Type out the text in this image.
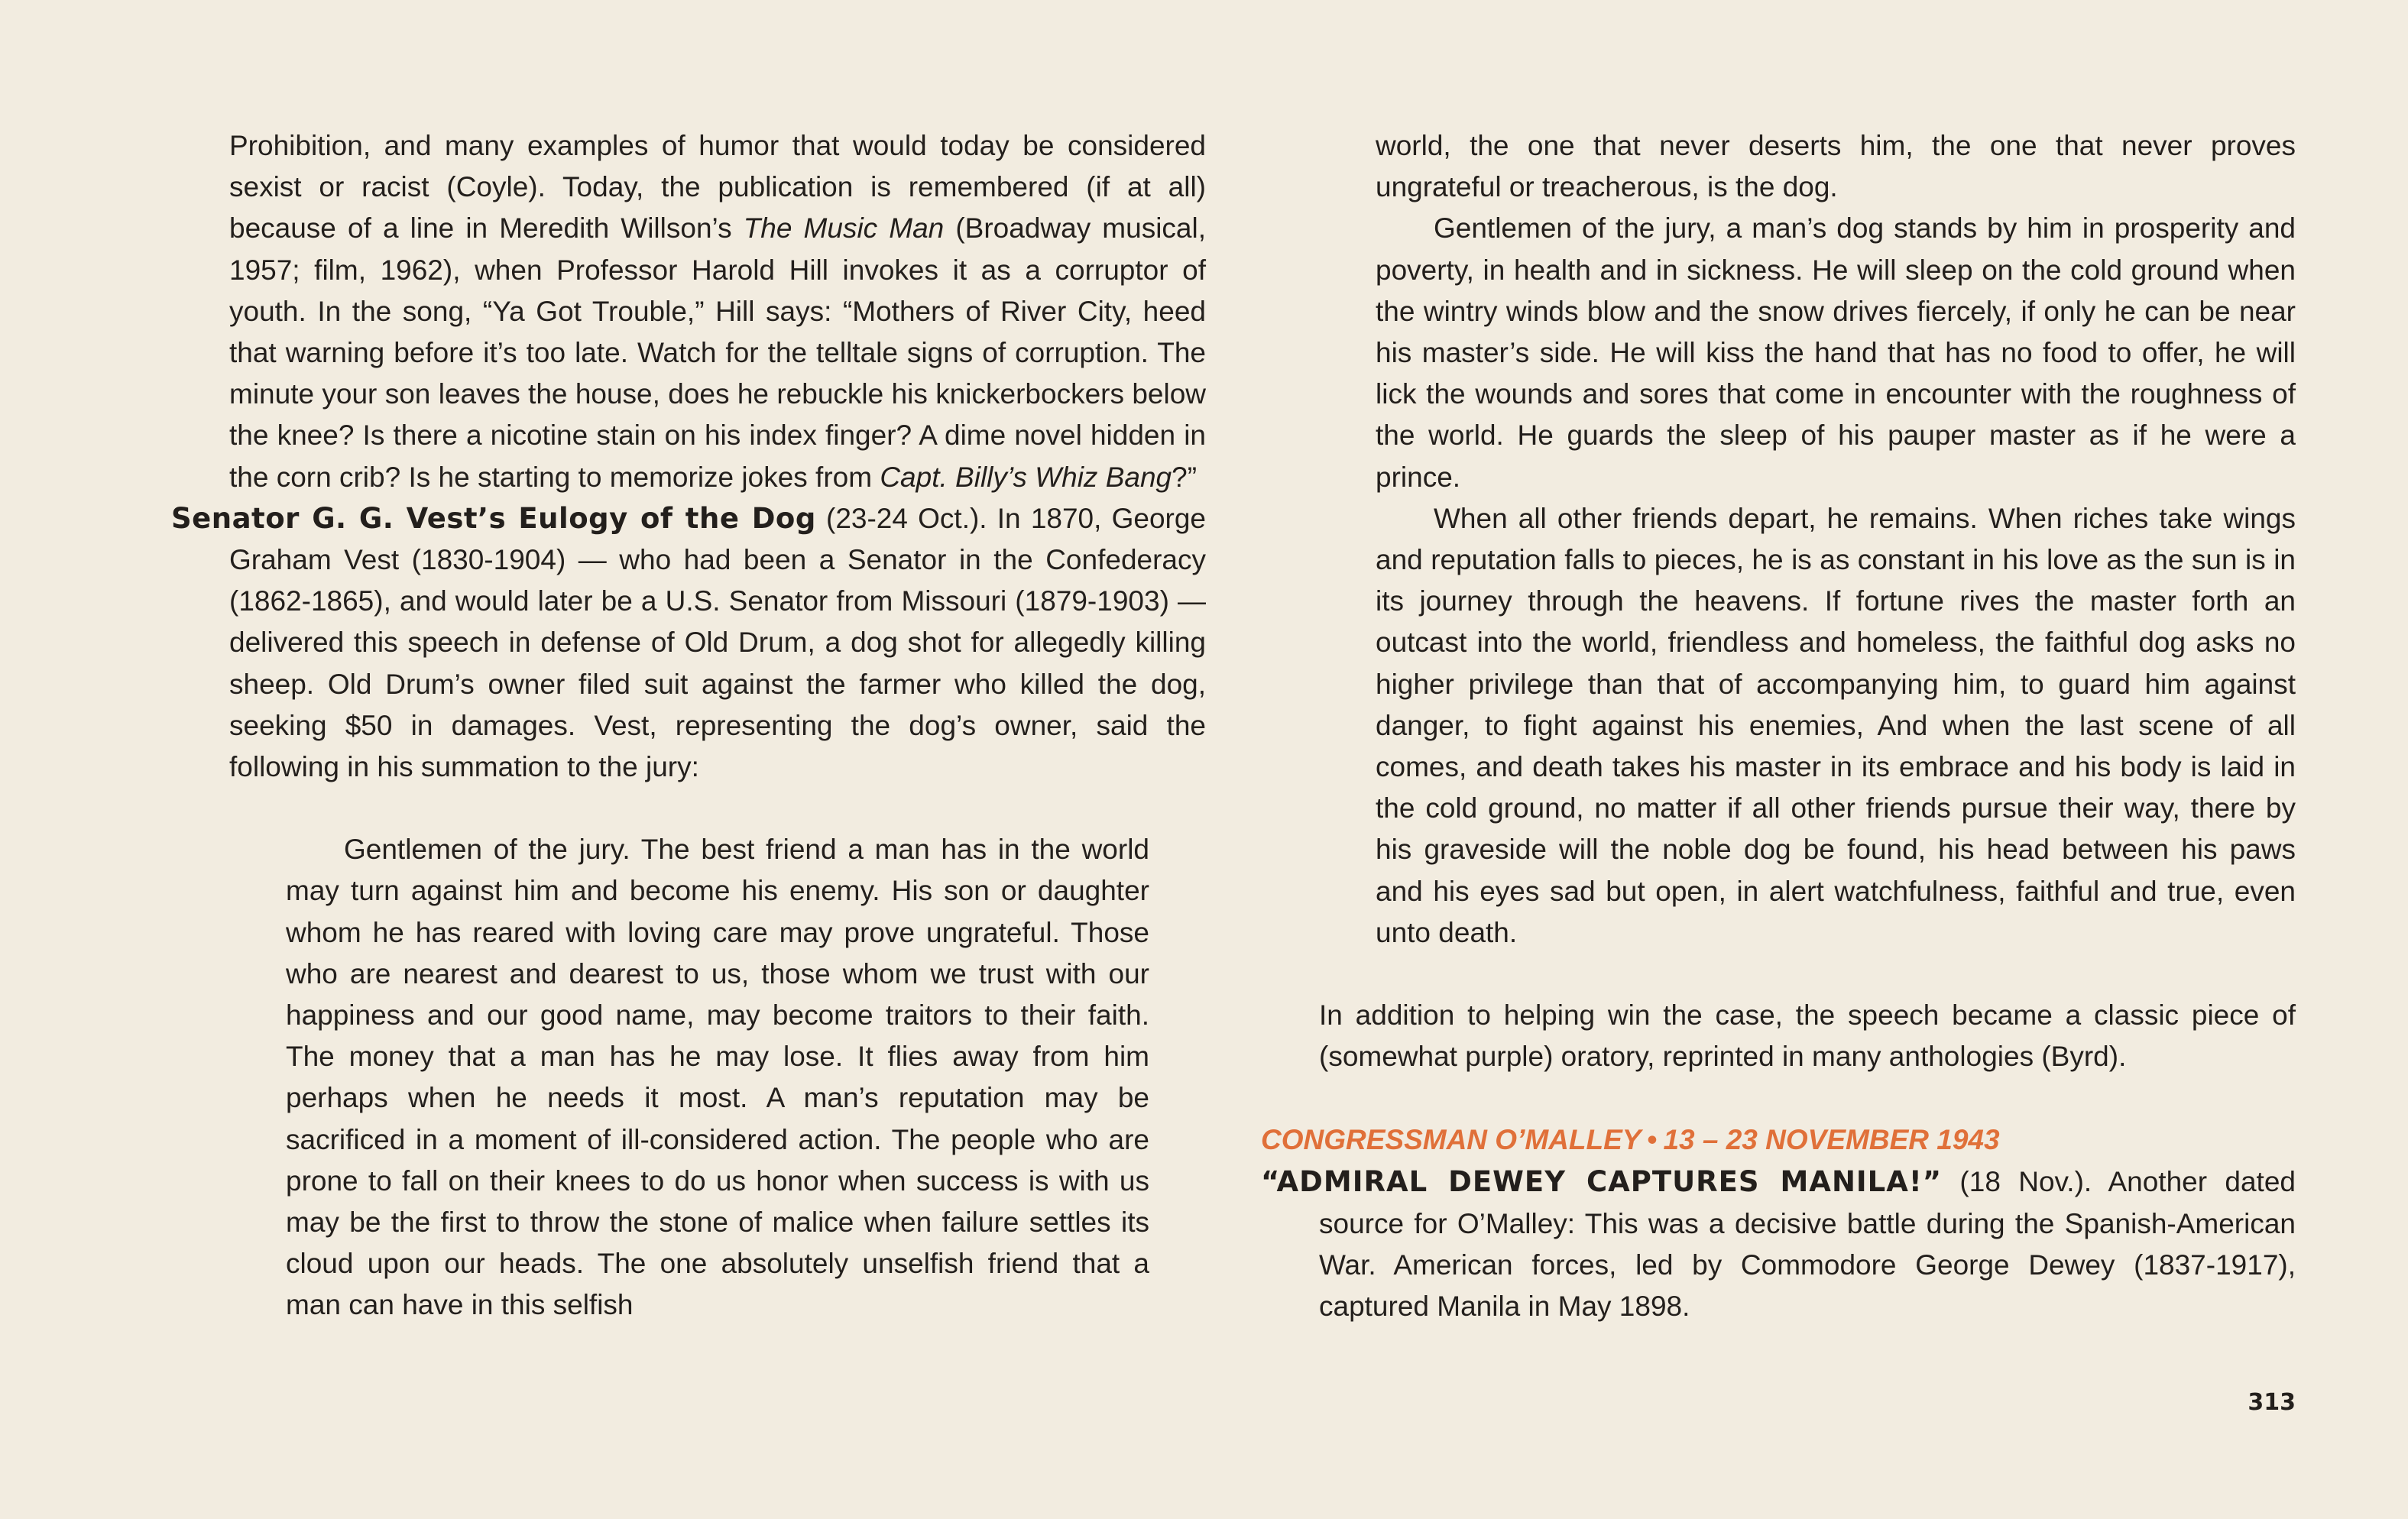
Prohibition, and many examples of humor that would today be considered sexist or racist (Coyle). Today, the publication is remembered (if at all) because of a line in Meredith Willson’s The Music Man (Broadway musical, 1957; film, 1962), when Professor Harold Hill invokes it as a corruptor of youth. In the song, “Ya Got Trouble,” Hill says: “Mothers of River City, heed that warning before it’s too late. Watch for the telltale signs of corruption. The minute your son leaves the house, does he rebuckle his knickerbockers below the knee? Is there a nicotine stain on his index finger? A dime novel hidden in the corn crib? Is he starting to memorize jokes from Capt. Billy’s Whiz Bang?”

Senator G. G. Vest’s Eulogy of the Dog (23-24 Oct.). In 1870, George Graham Vest (1830-1904) — who had been a Senator in the Confederacy (1862-1865), and would later be a U.S. Senator from Missouri (1879-1903) — delivered this speech in defense of Old Drum, a dog shot for allegedly killing sheep. Old Drum’s owner filed suit against the farmer who killed the dog, seeking $50 in damages. Vest, representing the dog’s owner, said the following in his summation to the jury:

Gentlemen of the jury. The best friend a man has in the world may turn against him and become his enemy. His son or daughter whom he has reared with loving care may prove ungrateful. Those who are nearest and dearest to us, those whom we trust with our happiness and our good name, may become traitors to their faith. The money that a man has he may lose. It flies away from him perhaps when he needs it most. A man’s reputation may be sacrificed in a moment of ill-considered action. The people who are prone to fall on their knees to do us honor when success is with us may be the first to throw the stone of malice when failure settles its cloud upon our heads. The one absolutely unselfish friend that a man can have in this selfish

world, the one that never deserts him, the one that never proves ungrateful or treacherous, is the dog.

Gentlemen of the jury, a man’s dog stands by him in prosperity and poverty, in health and in sickness. He will sleep on the cold ground when the wintry winds blow and the snow drives fiercely, if only he can be near his master’s side. He will kiss the hand that has no food to offer, he will lick the wounds and sores that come in encounter with the roughness of the world. He guards the sleep of his pauper master as if he were a prince.

When all other friends depart, he remains. When riches take wings and reputation falls to pieces, he is as constant in his love as the sun is in its journey through the heavens. If fortune rives the master forth an outcast into the world, friendless and homeless, the faithful dog asks no higher privilege than that of accompanying him, to guard him against danger, to fight against his enemies, And when the last scene of all comes, and death takes his master in its embrace and his body is laid in the cold ground, no matter if all other friends pursue their way, there by his graveside will the noble dog be found, his head between his paws and his eyes sad but open, in alert watchfulness, faithful and true, even unto death.

In addition to helping win the case, the speech became a classic piece of (somewhat purple) oratory, reprinted in many anthologies (Byrd).

CONGRESSMAN O’MALLEY • 13 – 23 NOVEMBER 1943

“ADMIRAL DEWEY CAPTURES MANILA!” (18 Nov.). Another dated source for O’Malley: This was a decisive battle during the Spanish-American War. American forces, led by Commodore George Dewey (1837-1917), captured Manila in May 1898.

313
